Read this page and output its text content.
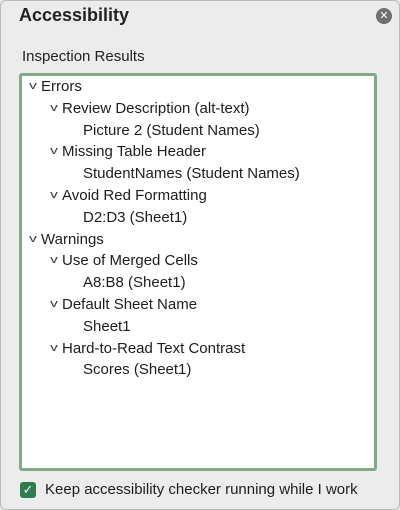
Accessibility	✕
Inspection Results
v Errors
v Review Description (alt-text)
Picture 2 (Student Names)
v Missing Table Header
StudentNames (Student Names)
v Avoid Red Formatting
D2:D3 (Sheet1)
v Warnings
v Use of Merged Cells
A8:B8 (Sheet1)
v Default Sheet Name
Sheet1
v Hard-to-Read Text Contrast
Scores (Sheet1)
✓ Keep accessibility checker running while I work
